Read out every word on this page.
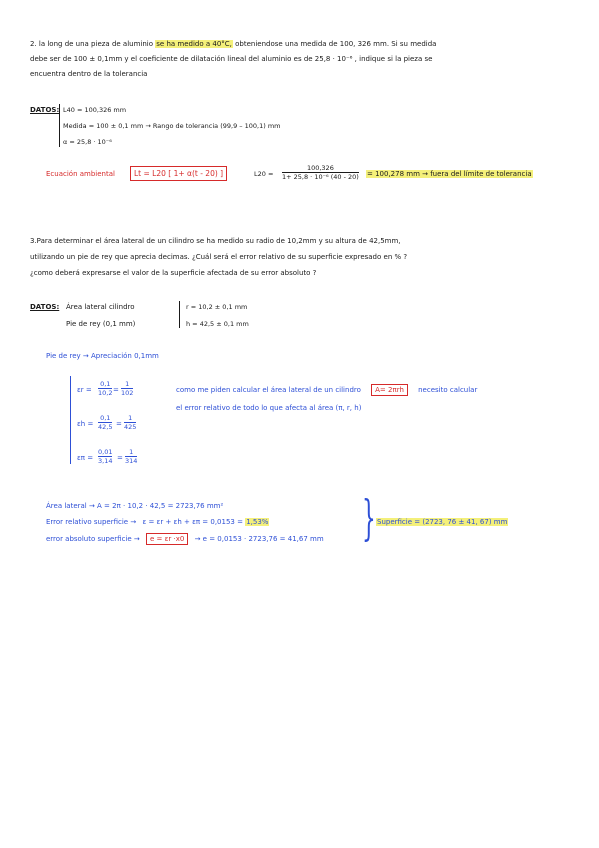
2. la long de una pieza de aluminio se ha medido a 40°C, obteniendose una medida de 100, 326 mm. Si su medida
debe ser de 100 ± 0,1mm y el coeficiente de dilatación lineal del aluminio es de 25,8 · 10⁻⁶ , indique si la pieza se
encuentra dentro de la tolerancia
DATOS: L40 = 100,326 mm
Medida = 100 ± 0,1 mm → Rango de tolerancia (99,9 – 100,1) mm
α = 25,8 · 10⁻⁶
Ecuación ambiental	Lt = L20 [ 1+ α(t - 20) ]	$L20 = \frac{100,326}{\text{1+ 25,8 · 10⁻⁶ (40 - 20)}} = 100,278$ mm → fuera del límite de tolerancia
3.Para determinar el área lateral de un cilindro se ha medido su radio de 10,2mm y su altura de 42,5mm,
utilizando un pie de rey que aprecia decimas. ¿Cuál será el error relativo de su superficie expresado en % ?
¿como deberá expresarse el valor de la superficie afectada de su error absoluto ?
DATOS: Área lateral cilindro
Pie de rey (0,1 mm)
r = 10,2 ± 0,1 mm
h = 42,5 ± 0,1 mm
Pie de rey → Apreciación 0,1mm
$\varepsilon r = \frac{0,1}{10,2} = \frac{1}{102}$
$\varepsilon h = \frac{0,1}{42,5} = \frac{1}{425}$
$\varepsilon\pi = \frac{0,01}{3,14} = \frac{1}{314}$
como me piden calcular el área lateral de un cilindro A= 2πrh necesito calcular
el error relativo de todo lo que afecta al área (π, r, h)
Área lateral → A = 2π · 10,2 · 42,5 = 2723,76 mm²
Error relativo superficie → ε = εr + εh + επ = 0,0153 = 1,53%
error absoluto superficie → e = εr ·x0 → e = 0,0153 · 2723,76 = 41,67 mm } Superficie = (2723, 76 ± 41, 67) mm
